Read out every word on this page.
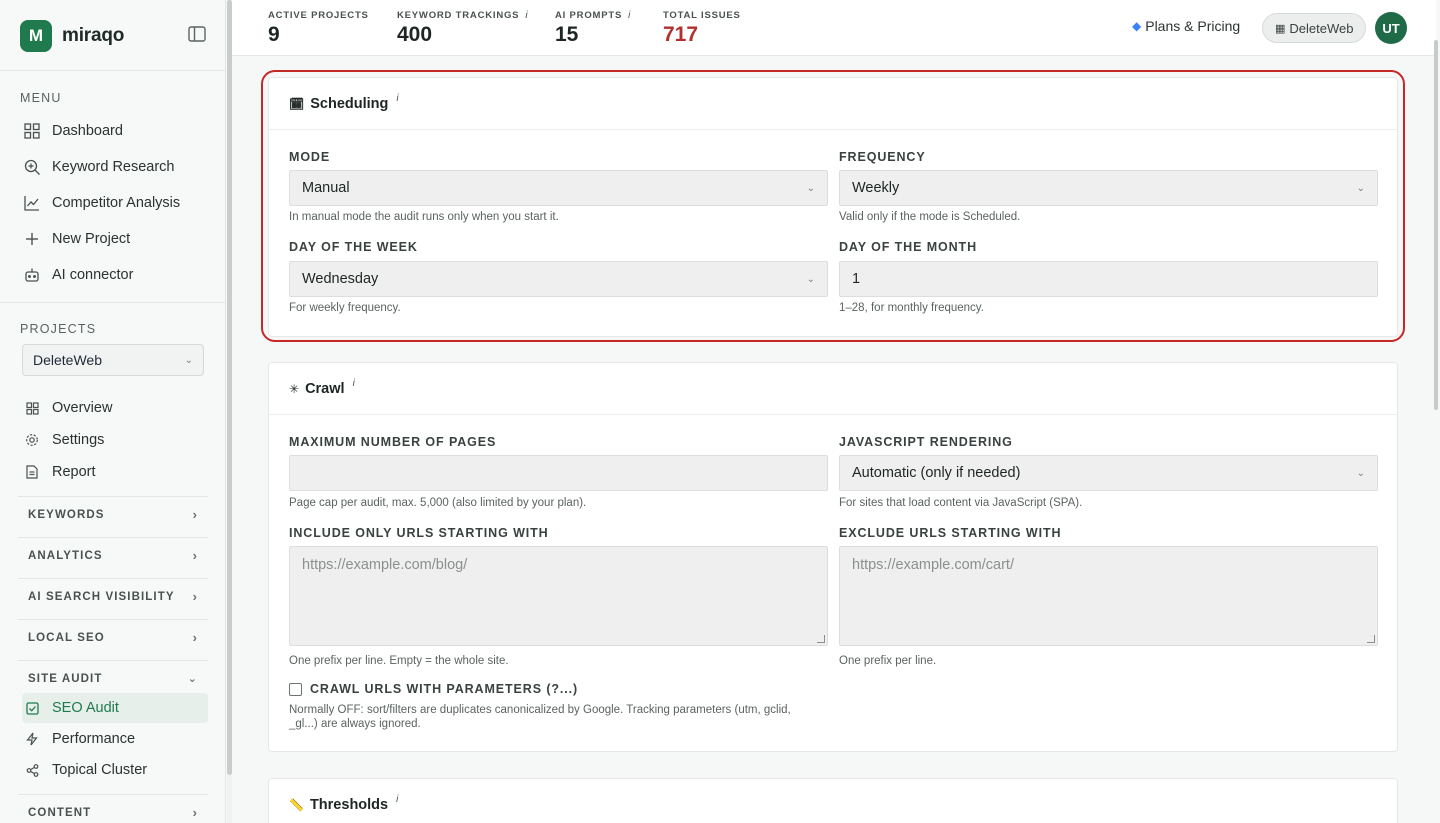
M miraqo
MENU
Dashboard
Keyword Research
Competitor Analysis
New Project
AI connector
PROJECTS
DeleteWeb	⌄
Overview
Settings
Report
KEYWORDS	›
ANALYTICS	›
AI SEARCH VISIBILITY ›
LOCAL SEO	›
SITE AUDIT	⌄
SEO Audit
Performance
Topical Cluster
CONTENT	›
ACTIVE PROJECTS
9
KEYWORD TRACKINGS i
400
AI PROMPTS i
15
TOTAL ISSUES
717	◆ Plans & Pricing	▦ DeleteWeb	UT
🗓 Scheduling i
MODE
Manual	⌄
In manual mode the audit runs only when you start it.
FREQUENCY
Weekly	⌄
Valid only if the mode is Scheduled.
DAY OF THE WEEK
Wednesday	⌄
For weekly frequency.
DAY OF THE MONTH
1
1–28, for monthly frequency.
✳ Crawl i
MAXIMUM NUMBER OF PAGES
Page cap per audit, max. 5,000 (also limited by your plan).
JAVASCRIPT RENDERING
Automatic (only if needed)	⌄
For sites that load content via JavaScript (SPA).
INCLUDE ONLY URLS STARTING WITH
https://example.com/blog/
One prefix per line. Empty = the whole site.
EXCLUDE URLS STARTING WITH
https://example.com/cart/
One prefix per line.
CRAWL URLS WITH PARAMETERS (?...)
Normally OFF: sort/filters are duplicates canonicalized by Google. Tracking parameters (utm, gclid,
_gl...) are always ignored.
📏 Thresholds i
